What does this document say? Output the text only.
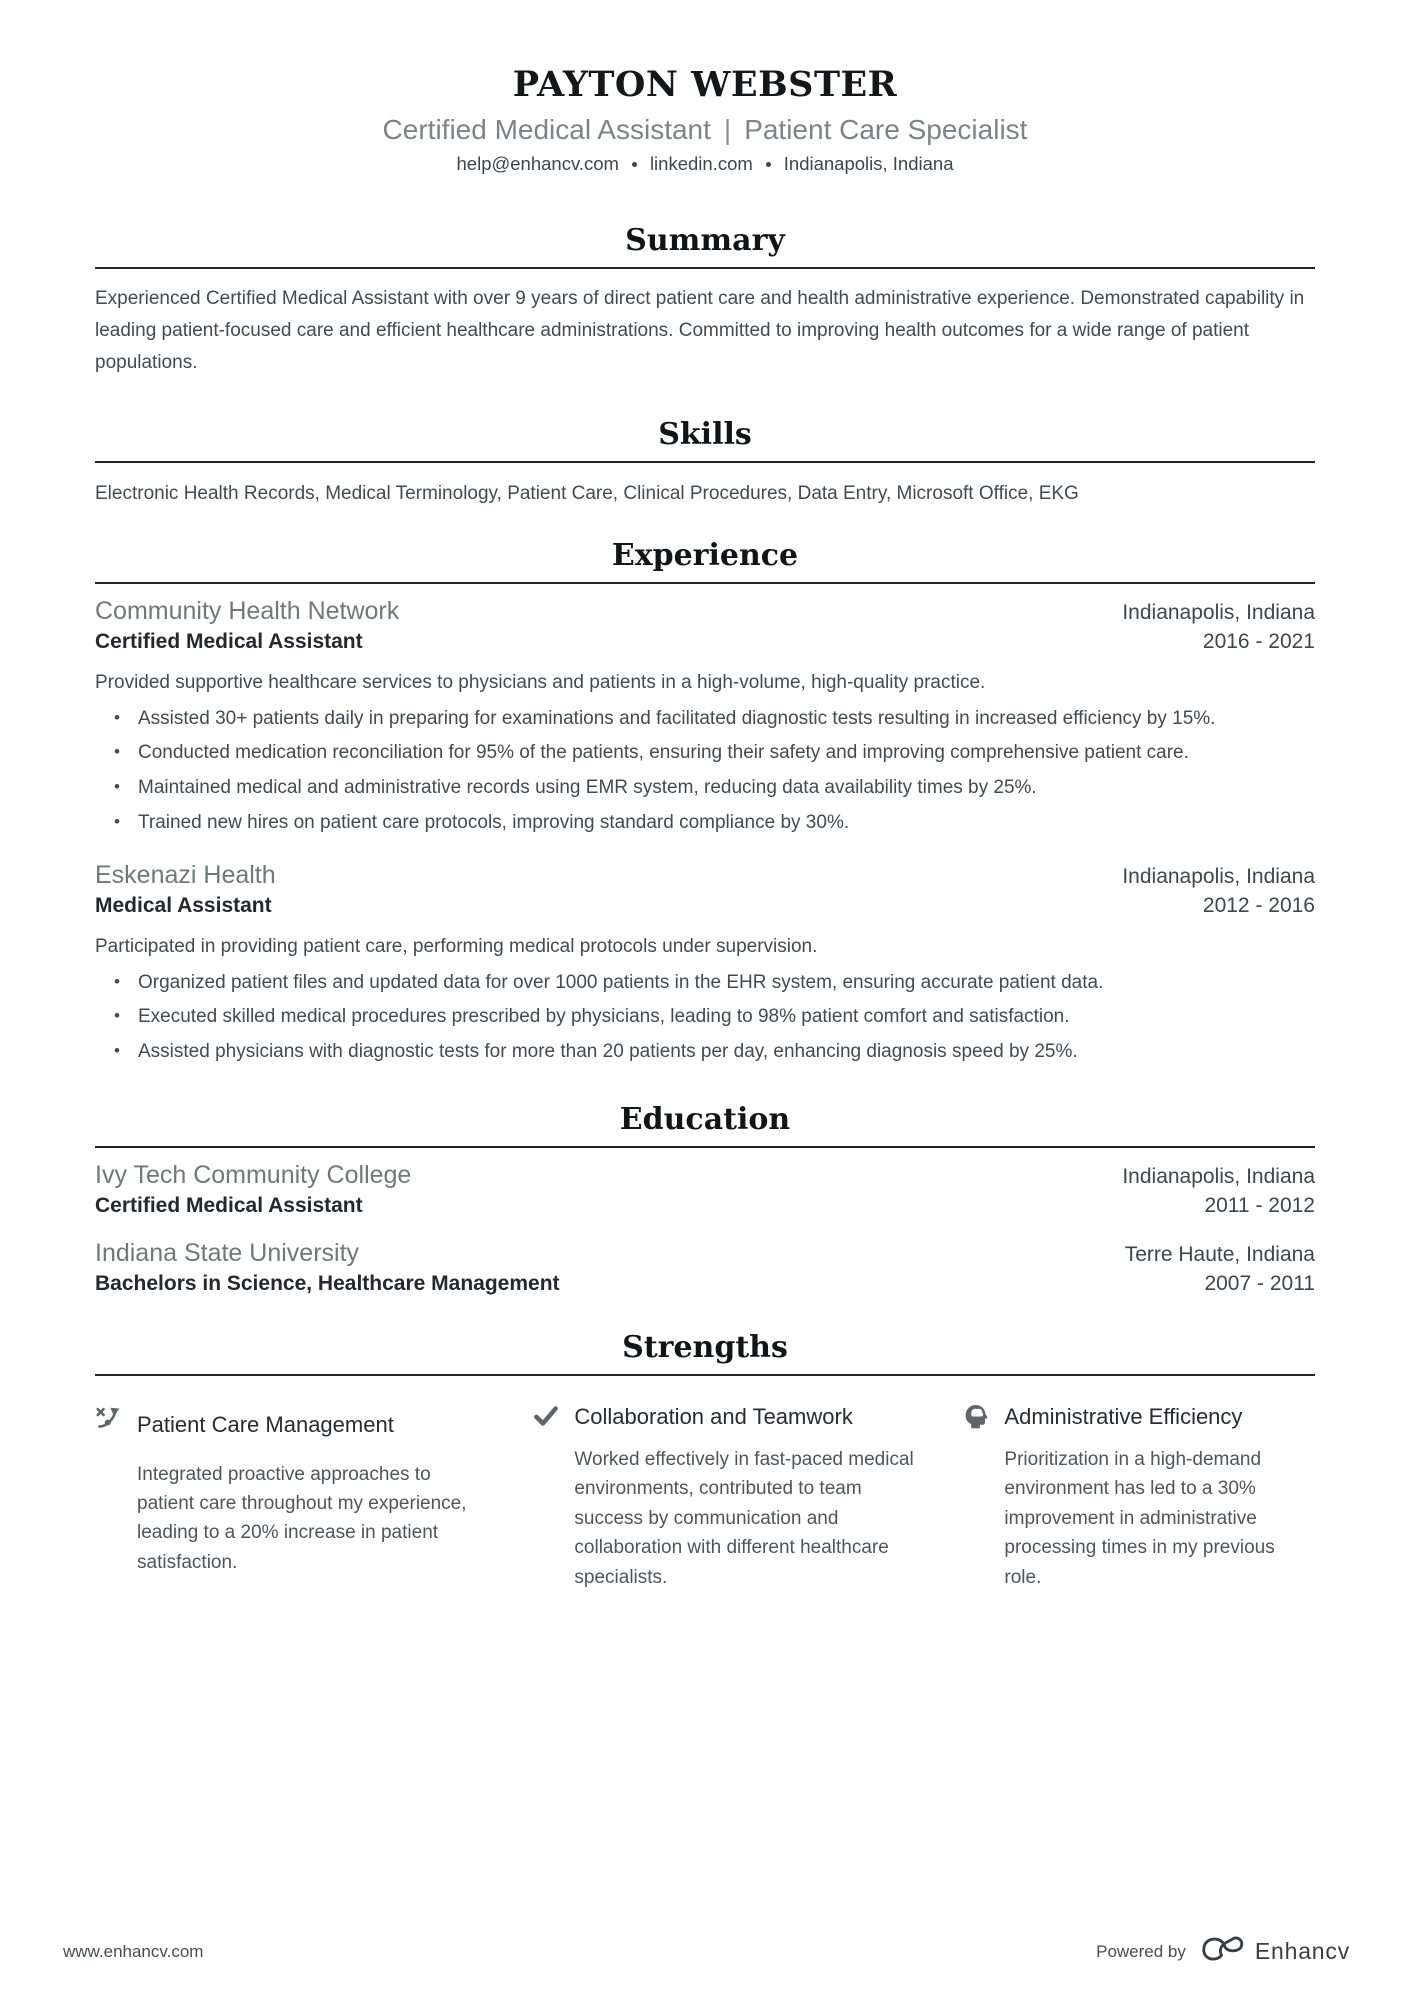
PAYTON WEBSTER
Certified Medical Assistant | Patient Care Specialist
help@enhancv.com linkedin.com Indianapolis, Indiana
Summary

Experienced Certified Medical Assistant with over 9 years of direct patient care and health administrative experience. Demonstrated capability in leading patient-focused care and efficient healthcare administrations. Committed to improving health outcomes for a wide range of patient populations.

Skills

Electronic Health Records, Medical Terminology, Patient Care, Clinical Procedures, Data Entry, Microsoft Office, EKG

Experience
Community Health Network	Indianapolis, Indiana
Certified Medical Assistant	2016 - 2021

Provided supportive healthcare services to physicians and patients in a high-volume, high-quality practice.

• Assisted 30+ patients daily in preparing for examinations and facilitated diagnostic tests resulting in increased efficiency by 15%.
• Conducted medication reconciliation for 95% of the patients, ensuring their safety and improving comprehensive patient care.
• Maintained medical and administrative records using EMR system, reducing data availability times by 25%.
• Trained new hires on patient care protocols, improving standard compliance by 30%.
Eskenazi Health	Indianapolis, Indiana
Medical Assistant	2012 - 2016

Participated in providing patient care, performing medical protocols under supervision.

• Organized patient files and updated data for over 1000 patients in the EHR system, ensuring accurate patient data.
• Executed skilled medical procedures prescribed by physicians, leading to 98% patient comfort and satisfaction.
• Assisted physicians with diagnostic tests for more than 20 patients per day, enhancing diagnosis speed by 25%.
Education
Ivy Tech Community College	Indianapolis, Indiana
Certified Medical Assistant	2011 - 2012
Indiana State University	Terre Haute, Indiana
Bachelors in Science, Healthcare Management	2007 - 2011
Strengths
Patient Care Management
Integrated proactive approaches to patient care throughout my experience, leading to a 20% increase in patient satisfaction.
Collaboration and Teamwork
Worked effectively in fast-paced medical environments, contributed to team success by communication and collaboration with different healthcare specialists.
Administrative Efficiency
Prioritization in a high-demand environment has led to a 30% improvement in administrative processing times in my previous role.
www.enhancv.com	Powered by	Enhancv
